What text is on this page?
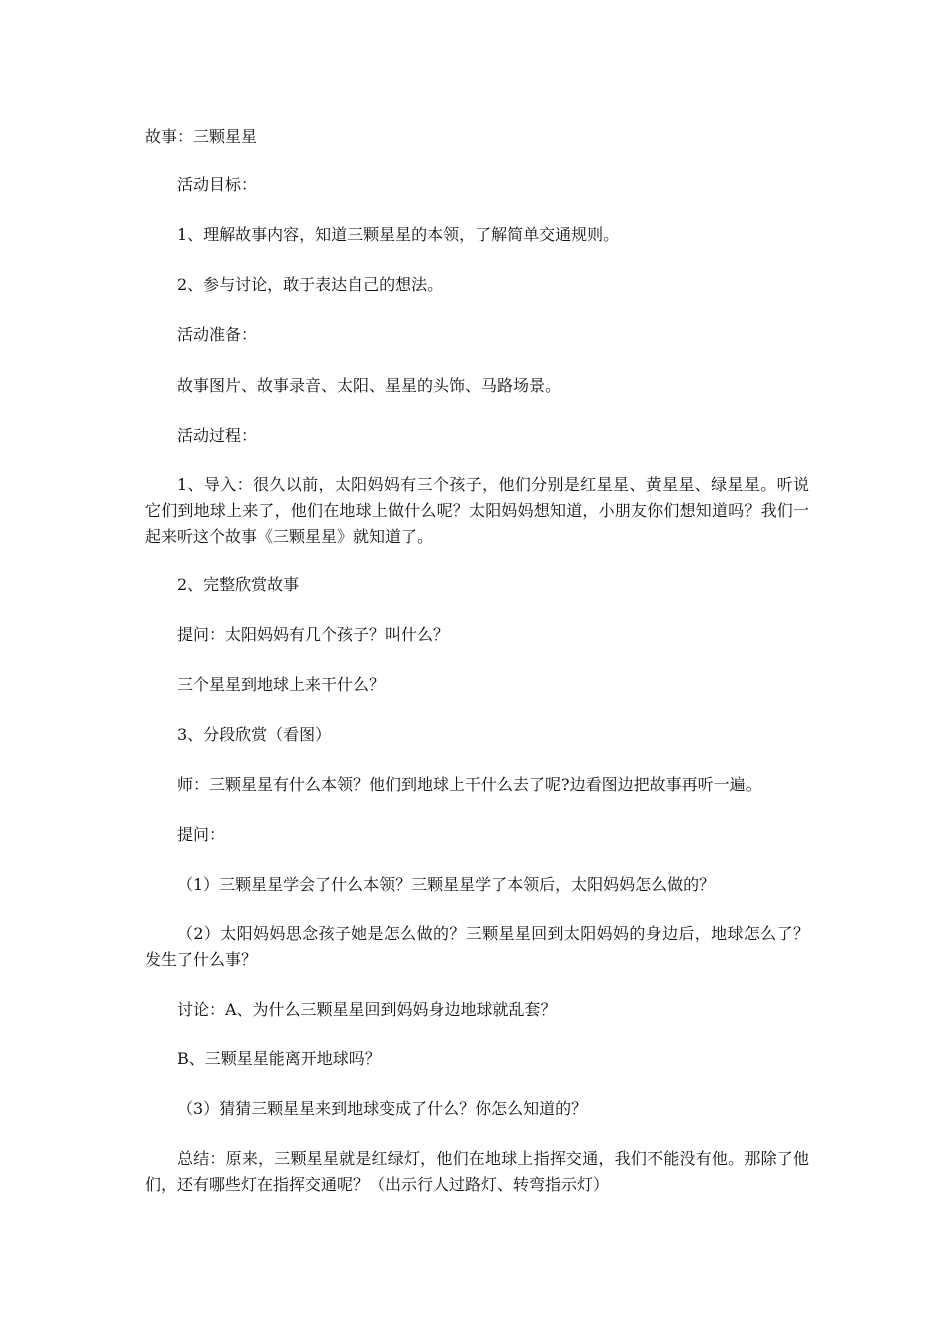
故事：三颗星星

活动目标：

1、理解故事内容，知道三颗星星的本领，了解简单交通规则。

2、参与讨论，敢于表达自己的想法。

活动准备：

故事图片、故事录音、太阳、星星的头饰、马路场景。

活动过程：

1、导入：很久以前，太阳妈妈有三个孩子，他们分别是红星星、黄星星、绿星星。听说它们到地球上来了，他们在地球上做什么呢？太阳妈妈想知道，小朋友你们想知道吗？我们一起来听这个故事《三颗星星》就知道了。

2、完整欣赏故事

提问：太阳妈妈有几个孩子？叫什么？

三个星星到地球上来干什么？

3、分段欣赏（看图）

师：三颗星星有什么本领？他们到地球上干什么去了呢?边看图边把故事再听一遍。

提问：

（1）三颗星星学会了什么本领？三颗星星学了本领后，太阳妈妈怎么做的？

（2）太阳妈妈思念孩子她是怎么做的？三颗星星回到太阳妈妈的身边后，地球怎么了？发生了什么事？

讨论：A、为什么三颗星星回到妈妈身边地球就乱套？

B、三颗星星能离开地球吗？

（3）猜猜三颗星星来到地球变成了什么？你怎么知道的？

总结：原来，三颗星星就是红绿灯，他们在地球上指挥交通，我们不能没有他。那除了他们，还有哪些灯在指挥交通呢？（出示行人过路灯、转弯指示灯）
